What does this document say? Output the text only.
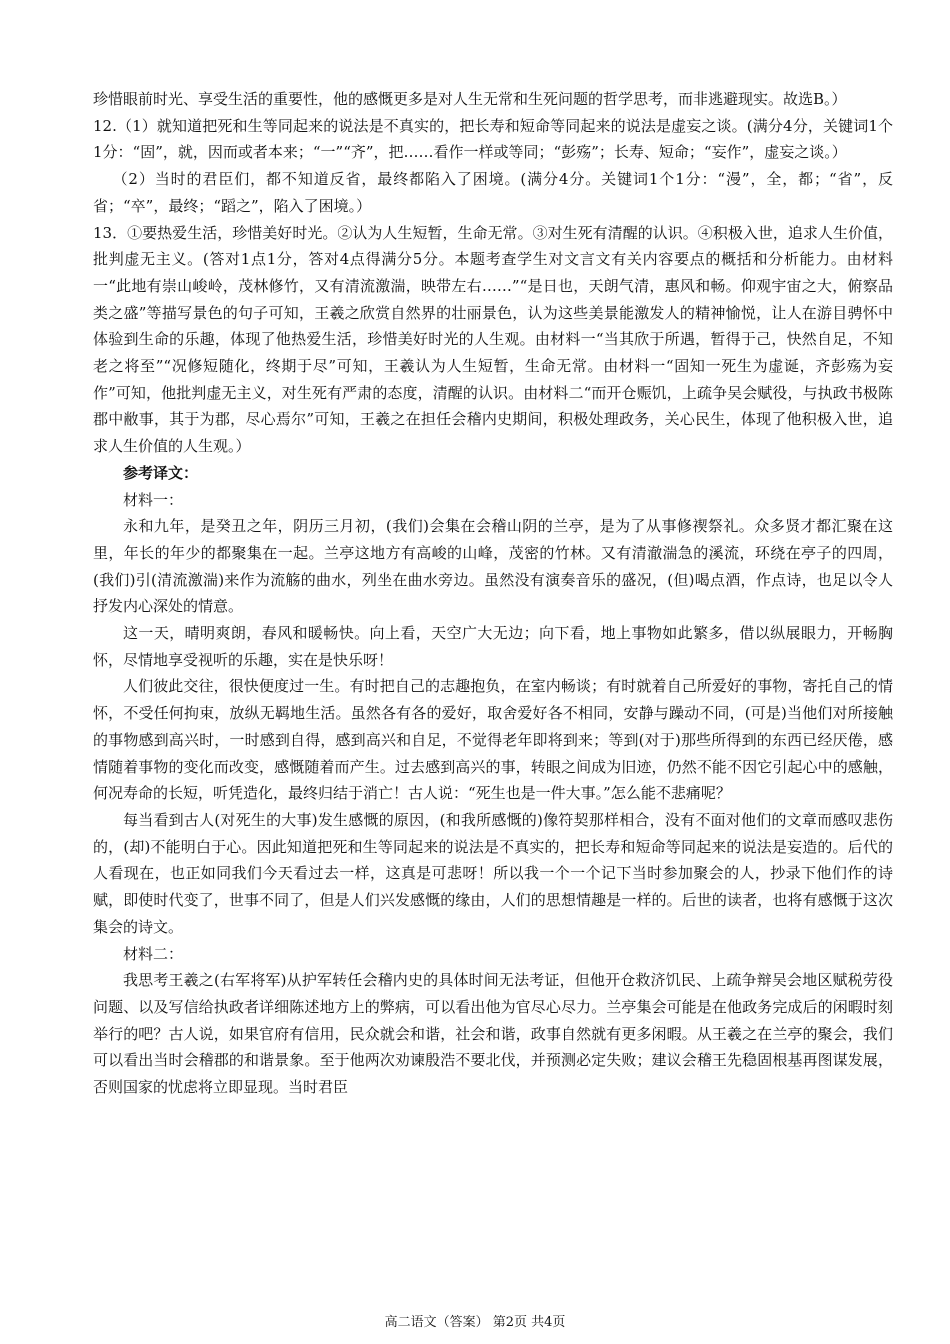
珍惜眼前时光、享受生活的重要性，他的感慨更多是对人生无常和生死问题的哲学思考，而非逃避现实。故选B。）

12.（1）就知道把死和生等同起来的说法是不真实的，把长寿和短命等同起来的说法是虚妄之谈。(满分4分，关键词1个1分：“固”，就，因而或者本来；“一”“齐”，把……看作一样或等同；“彭殇”；长寿、短命；“妄作”，虚妄之谈。）

（2）当时的君臣们，都不知道反省，最终都陷入了困境。(满分4分。关键词1个1分：“漫”，全，都；“省”，反省；“卒”，最终；“蹈之”，陷入了困境。）

13．①要热爱生活，珍惜美好时光。②认为人生短暂，生命无常。③对生死有清醒的认识。④积极入世，追求人生价值，批判虚无主义。(答对1点1分，答对4点得满分5分。本题考查学生对文言文有关内容要点的概括和分析能力。由材料一“此地有崇山峻岭，茂林修竹，又有清流激湍，映带左右……”“是日也，天朗气清，惠风和畅。仰观宇宙之大，俯察品类之盛”等描写景色的句子可知，王羲之欣赏自然界的壮丽景色，认为这些美景能激发人的精神愉悦，让人在游目骋怀中体验到生命的乐趣，体现了他热爱生活，珍惜美好时光的人生观。由材料一“当其欣于所遇，暂得于己，快然自足，不知老之将至”“况修短随化，终期于尽”可知，王羲认为人生短暂，生命无常。由材料一“固知一死生为虚诞，齐彭殇为妄作”可知，他批判虚无主义，对生死有严肃的态度，清醒的认识。由材料二“而开仓赈饥，上疏争吴会赋役，与执政书极陈郡中敝事，其于为郡，尽心焉尔”可知，王羲之在担任会稽内史期间，积极处理政务，关心民生，体现了他积极入世，追求人生价值的人生观。）

参考译文：

材料一：

永和九年，是癸丑之年，阴历三月初，(我们)会集在会稽山阴的兰亭，是为了从事修禊祭礼。众多贤才都汇聚在这里，年长的年少的都聚集在一起。兰亭这地方有高峻的山峰，茂密的竹林。又有清澈湍急的溪流，环绕在亭子的四周，(我们)引(清流激湍)来作为流觞的曲水，列坐在曲水旁边。虽然没有演奏音乐的盛况，(但)喝点酒，作点诗，也足以令人抒发内心深处的情意。

这一天，晴明爽朗，春风和暖畅快。向上看，天空广大无边；向下看，地上事物如此繁多，借以纵展眼力，开畅胸怀，尽情地享受视听的乐趣，实在是快乐呀！

人们彼此交往，很快便度过一生。有时把自己的志趣抱负，在室内畅谈；有时就着自己所爱好的事物，寄托自己的情怀，不受任何拘束，放纵无羁地生活。虽然各有各的爱好，取舍爱好各不相同，安静与躁动不同，(可是)当他们对所接触的事物感到高兴时，一时感到自得，感到高兴和自足，不觉得老年即将到来；等到(对于)那些所得到的东西已经厌倦，感情随着事物的变化而改变，感慨随着而产生。过去感到高兴的事，转眼之间成为旧迹，仍然不能不因它引起心中的感触，何况寿命的长短，听凭造化，最终归结于消亡！古人说：“死生也是一件大事。”怎么能不悲痛呢？

每当看到古人(对死生的大事)发生感慨的原因，(和我所感慨的)像符契那样相合，没有不面对他们的文章而感叹悲伤的，(却)不能明白于心。因此知道把死和生等同起来的说法是不真实的，把长寿和短命等同起来的说法是妄造的。后代的人看现在，也正如同我们今天看过去一样，这真是可悲呀！所以我一个一个记下当时参加聚会的人，抄录下他们作的诗赋，即使时代变了，世事不同了，但是人们兴发感慨的缘由，人们的思想情趣是一样的。后世的读者，也将有感慨于这次集会的诗文。

材料二：

我思考王羲之(右军将军)从护军转任会稽内史的具体时间无法考证，但他开仓救济饥民、上疏争辩吴会地区赋税劳役问题、以及写信给执政者详细陈述地方上的弊病，可以看出他为官尽心尽力。兰亭集会可能是在他政务完成后的闲暇时刻举行的吧？古人说，如果官府有信用，民众就会和谐，社会和谐，政事自然就有更多闲暇。从王羲之在兰亭的聚会，我们可以看出当时会稽郡的和谐景象。至于他两次劝谏殷浩不要北伐，并预测必定失败；建议会稽王先稳固根基再图谋发展，否则国家的忧虑将立即显现。当时君臣

高二语文（答案） 第2页 共4页
